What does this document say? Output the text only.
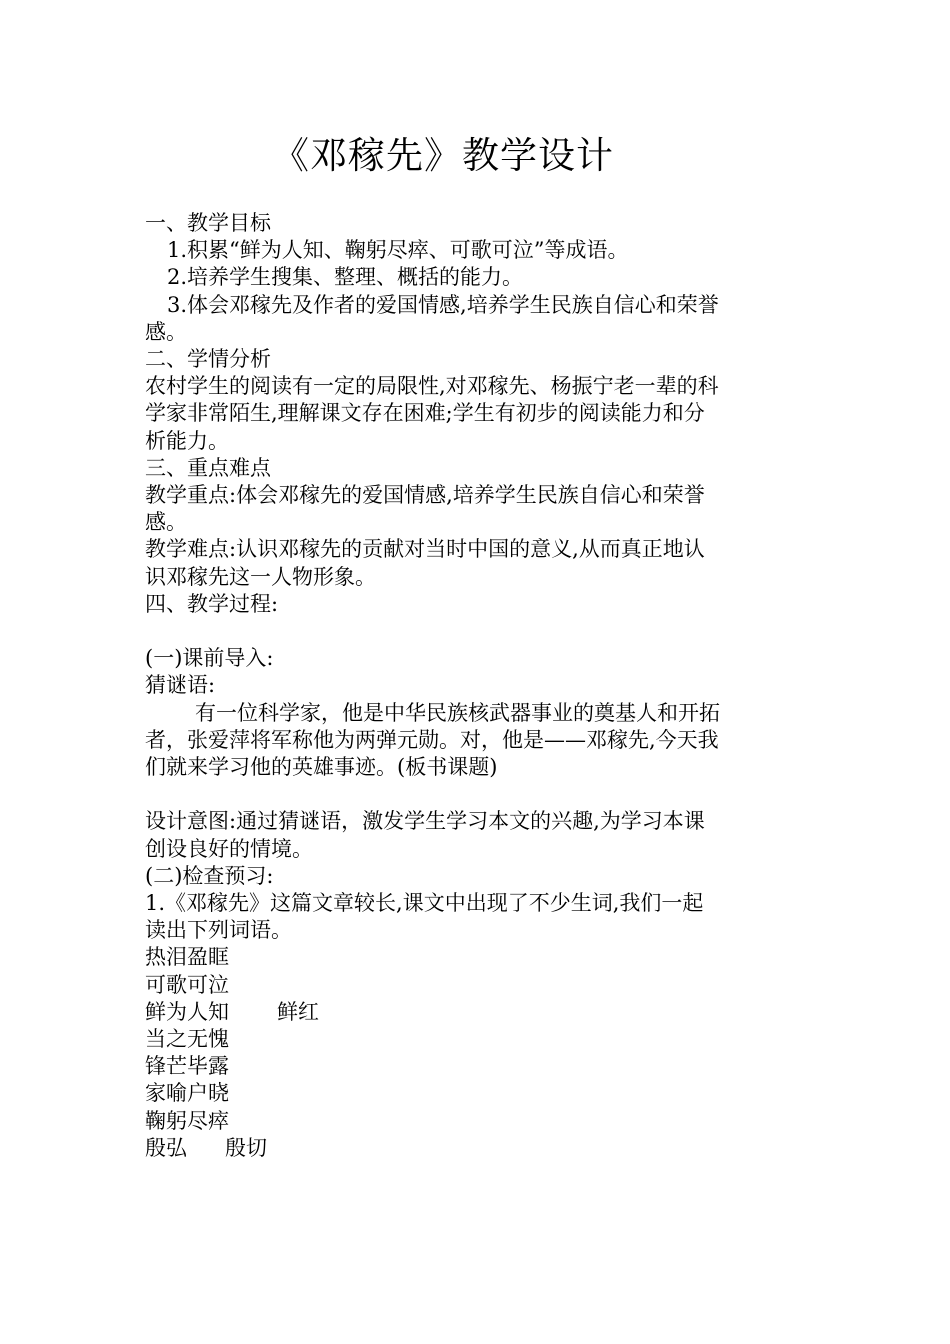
《邓稼先》教学设计

一、教学目标

1.积累“鲜为人知、鞠躬尽瘁、可歌可泣”等成语。

2.培养学生搜集、整理、概括的能力。

3.体会邓稼先及作者的爱国情感,培养学生民族自信心和荣誉

感。

二、学情分析

农村学生的阅读有一定的局限性,对邓稼先、杨振宁老一辈的科

学家非常陌生,理解课文存在困难;学生有初步的阅读能力和分

析能力。

三、重点难点

教学重点:体会邓稼先的爱国情感,培养学生民族自信心和荣誉

感。

教学难点:认识邓稼先的贡献对当时中国的意义,从而真正地认

识邓稼先这一人物形象。

四、教学过程:

(一)课前导入:

猜谜语:

有一位科学家，他是中华民族核武器事业的奠基人和开拓

者，张爱萍将军称他为两弹元勋。对，他是——邓稼先,今天我

们就来学习他的英雄事迹。(板书课题)

设计意图:通过猜谜语，激发学生学习本文的兴趣,为学习本课

创设良好的情境。

(二)检查预习:

1.《邓稼先》这篇文章较长,课文中出现了不少生词,我们一起

读出下列词语。

热泪盈眶

可歌可泣

鲜为人知 鲜红

当之无愧

锋芒毕露

家喻户晓

鞠躬尽瘁

殷弘 殷切
